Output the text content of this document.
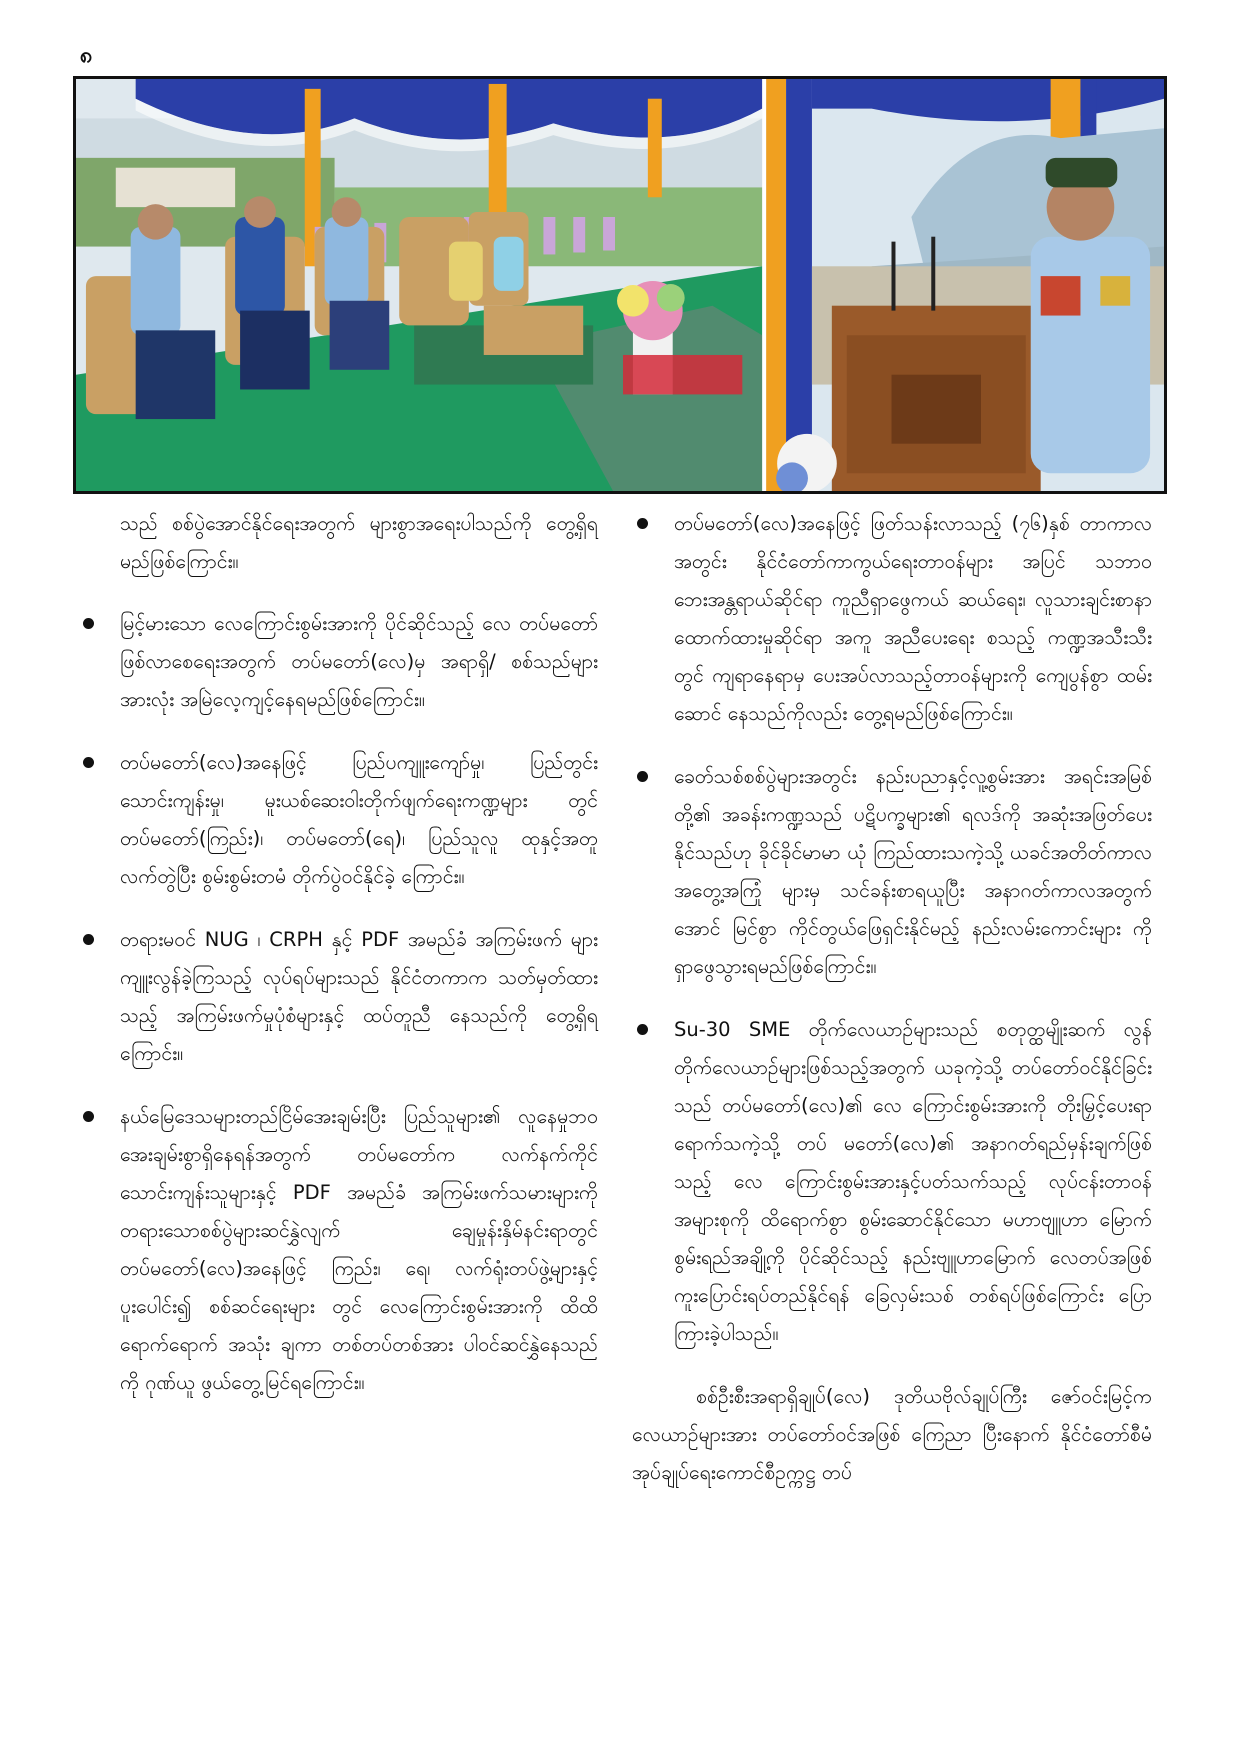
၈

သည် စစ်ပွဲအောင်နိုင်ရေးအတွက် များစွာအရေးပါသည်ကို တွေ့ရှိရမည်ဖြစ်ကြောင်း။

မြင့်မားသော လေကြောင်းစွမ်းအားကို ပိုင်ဆိုင်သည့် လေ တပ်မတော် ဖြစ်လာစေရေးအတွက် တပ်မတော်(လေ)မှ အရာရှိ/ စစ်သည်များအားလုံး အမြဲလေ့ကျင့်နေရမည်ဖြစ်ကြောင်း။
တပ်မတော်(လေ)အနေဖြင့် ပြည်ပကျူးကျော်မှု၊ ပြည်တွင်း သောင်းကျန်းမှု၊ မူးယစ်ဆေးဝါးတိုက်ဖျက်ရေးကဏ္ဍများ တွင် တပ်မတော်(ကြည်း)၊ တပ်မတော်(ရေ)၊ ပြည်သူလူ ထုနှင့်အတူလက်တွဲပြီး စွမ်းစွမ်းတမံ တိုက်ပွဲဝင်နိုင်ခဲ့ ကြောင်း။
တရားမဝင် NUG ၊ CRPH နှင့် PDF အမည်ခံ အကြမ်းဖက် များ ကျူးလွန်ခဲ့ကြသည့် လုပ်ရပ်များသည် နိုင်ငံတကာက သတ်မှတ်ထားသည့် အကြမ်းဖက်မှုပုံစံများနှင့် ထပ်တူညီ နေသည်ကို တွေ့ရှိရကြောင်း။
နယ်မြေဒေသများတည်ငြိမ်အေးချမ်းပြီး ပြည်သူများ၏ လူနေမှုဘဝ အေးချမ်းစွာရှိနေရန်အတွက် တပ်မတော်က လက်နက်ကိုင်သောင်းကျန်းသူများနှင့် PDF အမည်ခံ အကြမ်းဖက်သမားများကို တရားသောစစ်ပွဲများဆင်နွှဲလျက် ချေမှုန်းနှိမ်နင်းရာတွင် တပ်မတော်(လေ)အနေဖြင့် ကြည်း၊ ရေ၊ လက်ရုံးတပ်ဖွဲ့များနှင့် ပူးပေါင်း၍ စစ်ဆင်ရေးများ တွင် လေကြောင်းစွမ်းအားကို ထိထိရောက်ရောက် အသုံး ချကာ တစ်တပ်တစ်အား ပါဝင်ဆင်နွှဲနေသည်ကို ဂုဏ်ယူ ဖွယ်တွေ့မြင်ရကြောင်း။
တပ်မတော်(လေ)အနေဖြင့် ဖြတ်သန်းလာသည့် (၇၆)နှစ် တာကာလအတွင်း နိုင်ငံတော်ကာကွယ်ရေးတာဝန်များ အပြင် သဘာဝဘေးအန္တရာယ်ဆိုင်ရာ ကူညီရှာဖွေကယ် ဆယ်ရေး၊ လူသားချင်းစာနာထောက်ထားမှုဆိုင်ရာ အကူ အညီပေးရေး စသည့် ကဏ္ဍအသီးသီးတွင် ကျရာနေရာမှ ပေးအပ်လာသည့်တာဝန်များကို ကျေပွန်စွာ ထမ်းဆောင် နေသည်ကိုလည်း တွေ့ရမည်ဖြစ်ကြောင်း။
ခေတ်သစ်စစ်ပွဲများအတွင်း နည်းပညာနှင့်လူ့စွမ်းအား အရင်းအမြစ်တို့၏ အခန်းကဏ္ဍသည် ပဋိပက္ခများ၏ ရလဒ်ကို အဆုံးအဖြတ်ပေးနိုင်သည်ဟု ခိုင်ခိုင်မာမာ ယုံ ကြည်ထားသကဲ့သို့ ယခင်အတိတ်ကာလ အတွေ့အကြုံ များမှ သင်ခန်းစာရယူပြီး အနာဂတ်ကာလအတွက် အောင် မြင်စွာ ကိုင်တွယ်ဖြေရှင်းနိုင်မည့် နည်းလမ်းကောင်းများ ကို ရှာဖွေသွားရမည်ဖြစ်ကြောင်း။
Su-30 SME တိုက်လေယာဉ်များသည် စတုတ္ထမျိုးဆက် လွန် တိုက်လေယာဉ်များဖြစ်သည့်အတွက် ယခုကဲ့သို့ တပ်တော်ဝင်နိုင်ခြင်းသည် တပ်မတော်(လေ)၏ လေ ကြောင်းစွမ်းအားကို တိုးမြှင့်ပေးရာ ရောက်သကဲ့သို့ တပ် မတော်(လေ)၏ အနာဂတ်ရည်မှန်းချက်ဖြစ်သည့် လေ ကြောင်းစွမ်းအားနှင့်ပတ်သက်သည့် လုပ်ငန်းတာဝန် အများစုကို ထိရောက်စွာ စွမ်းဆောင်နိုင်သော မဟာဗျူဟာ မြောက် စွမ်းရည်အချို့ကို ပိုင်ဆိုင်သည့် နည်းဗျူဟာမြောက် လေတပ်အဖြစ် ကူးပြောင်းရပ်တည်နိုင်ရန် ခြေလှမ်းသစ် တစ်ရပ်ဖြစ်ကြောင်း ပြောကြားခဲ့ပါသည်။

စစ်ဦးစီးအရာရှိချုပ်(လေ) ဒုတိယဗိုလ်ချုပ်ကြီး ဇော်ဝင်းမြင့်က လေယာဉ်များအား တပ်တော်ဝင်အဖြစ် ကြေညာ ပြီးနောက် နိုင်ငံတော်စီမံအုပ်ချုပ်ရေးကောင်စီဥက္ကဋ္ဌ တပ်
